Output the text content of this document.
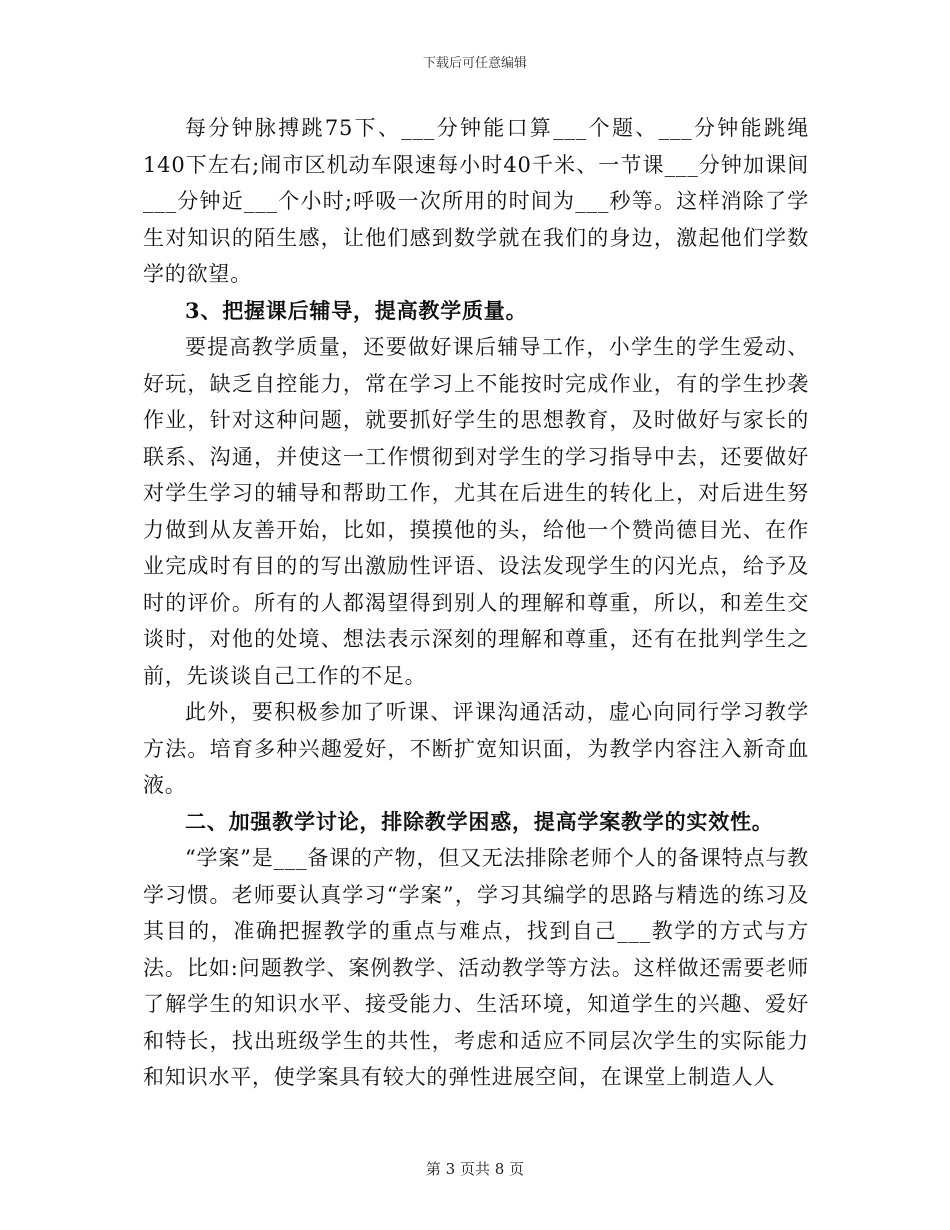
下载后可任意编辑

每分钟脉搏跳75下、___分钟能口算___个题、___分钟能跳绳140下左右;闹市区机动车限速每小时40千米、一节课___分钟加课间___分钟近___个小时;呼吸一次所用的时间为___秒等。这样消除了学生对知识的陌生感，让他们感到数学就在我们的身边，激起他们学数学的欲望。

3、把握课后辅导，提高教学质量。

要提高教学质量，还要做好课后辅导工作，小学生的学生爱动、好玩，缺乏自控能力，常在学习上不能按时完成作业，有的学生抄袭作业，针对这种问题，就要抓好学生的思想教育，及时做好与家长的联系、沟通，并使这一工作惯彻到对学生的学习指导中去，还要做好对学生学习的辅导和帮助工作，尤其在后进生的转化上，对后进生努力做到从友善开始，比如，摸摸他的头，给他一个赞尚德目光、在作业完成时有目的的写出激励性评语、设法发现学生的闪光点，给予及时的评价。所有的人都渴望得到别人的理解和尊重，所以，和差生交谈时，对他的处境、想法表示深刻的理解和尊重，还有在批判学生之前，先谈谈自己工作的不足。

此外，要积极参加了听课、评课沟通活动，虚心向同行学习教学方法。培育多种兴趣爱好，不断扩宽知识面，为教学内容注入新奇血液。

二、加强教学讨论，排除教学困惑，提高学案教学的实效性。

“学案”是___备课的产物，但又无法排除老师个人的备课特点与教学习惯。老师要认真学习“学案”，学习其编学的思路与精选的练习及其目的，准确把握教学的重点与难点，找到自己___教学的方式与方法。比如:问题教学、案例教学、活动教学等方法。这样做还需要老师了解学生的知识水平、接受能力、生活环境，知道学生的兴趣、爱好和特长，找出班级学生的共性，考虑和适应不同层次学生的实际能力和知识水平，使学案具有较大的弹性进展空间，在课堂上制造人人

第 3 页共 8 页
